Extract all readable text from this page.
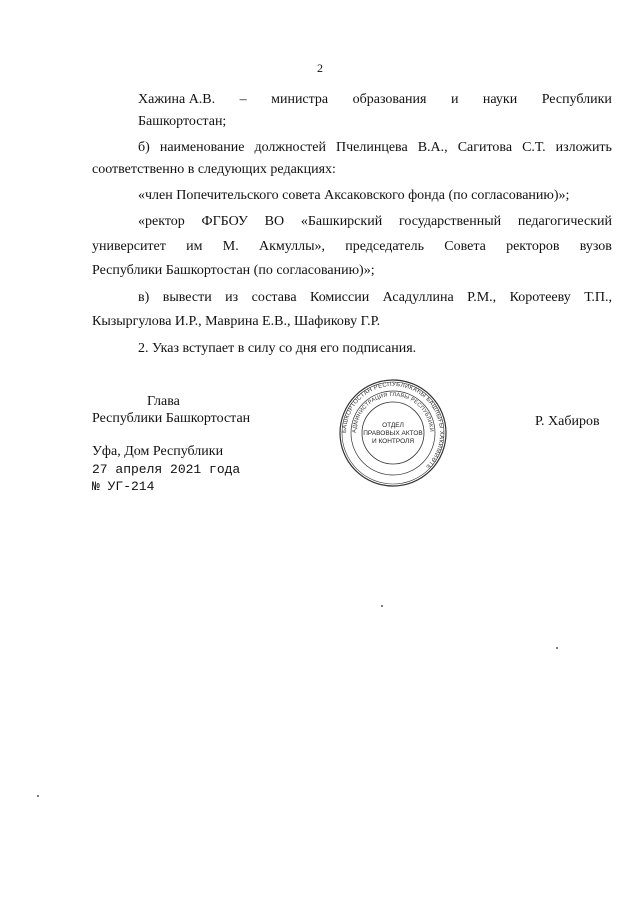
2
Хажина А.В. – министра образования и науки Республики
Башкортостан;
б) наименование должностей Пчелинцева В.А., Сагитова С.Т. изложить
соответственно в следующих редакциях:
«член Попечительского совета Аксаковского фонда (по согласованию)»;
«ректор ФГБОУ ВО «Башкирский государственный педагогический
университет им М. Акмуллы», председатель Совета ректоров вузов
Республики Башкортостан (по согласованию)»;
в) вывести из состава Комиссии Асадуллина Р.М., Коротееву Т.П.,
Кызыргулова И.Р., Маврина Е.В., Шафикову Г.Р.
2. Указ вступает в силу со дня его подписания.
Глава
Республики Башкортостан	Р. Хабиров
Уфа, Дом Республики
27 апреля 2021 года
№ УГ-214
БАШКОРТОСТАН РЕСПУБЛИКАҺЫ БАШЛЫҒЫ ХАКИМИӘТЕ
АДМИНИСТРАЦИЯ ГЛАВЫ РЕСПУБЛИКИ
ОТДЕЛ
ПРАВОВЫХ АКТОВ
И КОНТРОЛЯ
